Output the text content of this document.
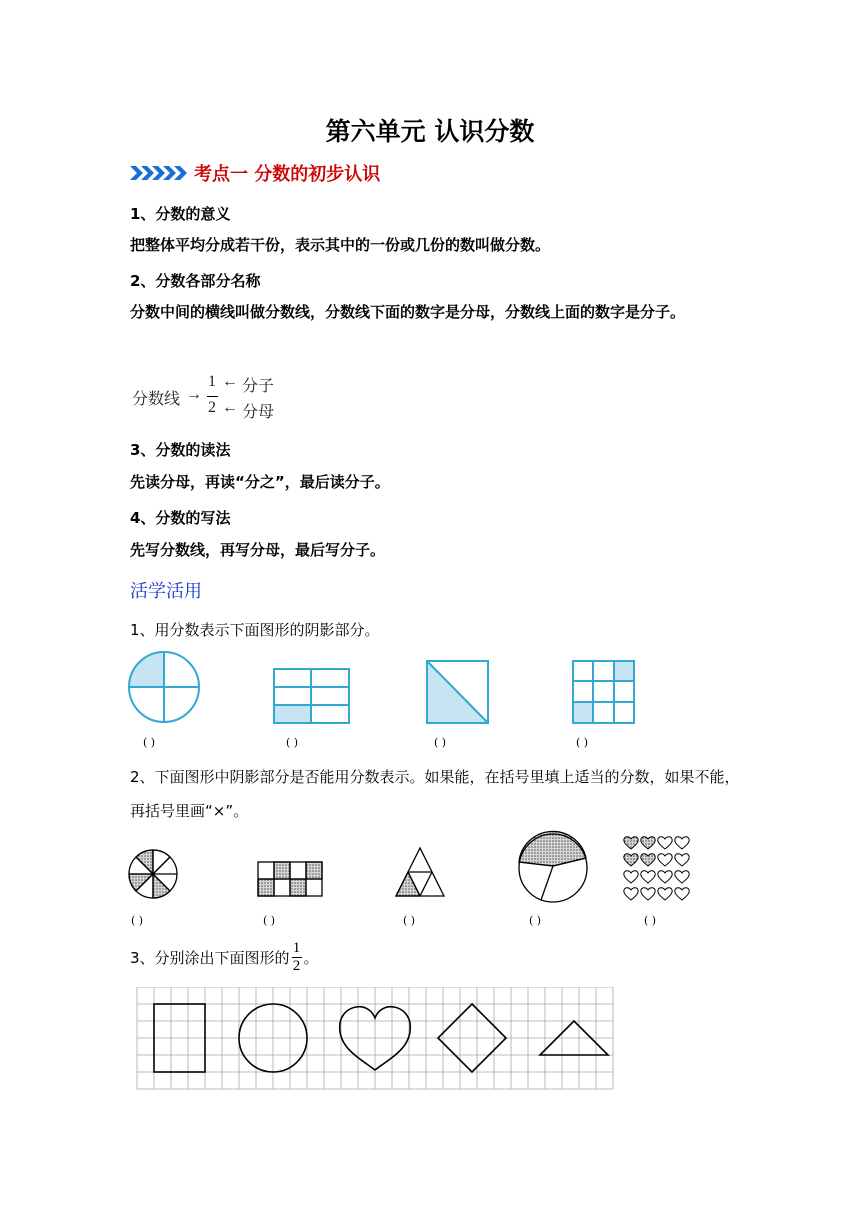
第六单元 认识分数
考点一 分数的初步认识
1、分数的意义
把整体平均分成若干份，表示其中的一份或几份的数叫做分数。
2、分数各部分名称
分数中间的横线叫做分数线，分数线下面的数字是分母，分数线上面的数字是分子。
分数线 →
1
2
← 分子
← 分母
3、分数的读法
先读分母，再读“分之”，最后读分子。
4、分数的写法
先写分数线，再写分母，最后写分子。
活学活用
1、用分数表示下面图形的阴影部分。
( )	( )	( )	( )
2、下面图形中阴影部分是否能用分数表示。如果能，在括号里填上适当的分数，如果不能，再括号里画“×”。
( )	( )	( )	( )	( )
3、分别涂出下面图形的 $\frac{1}{2}$ 。
